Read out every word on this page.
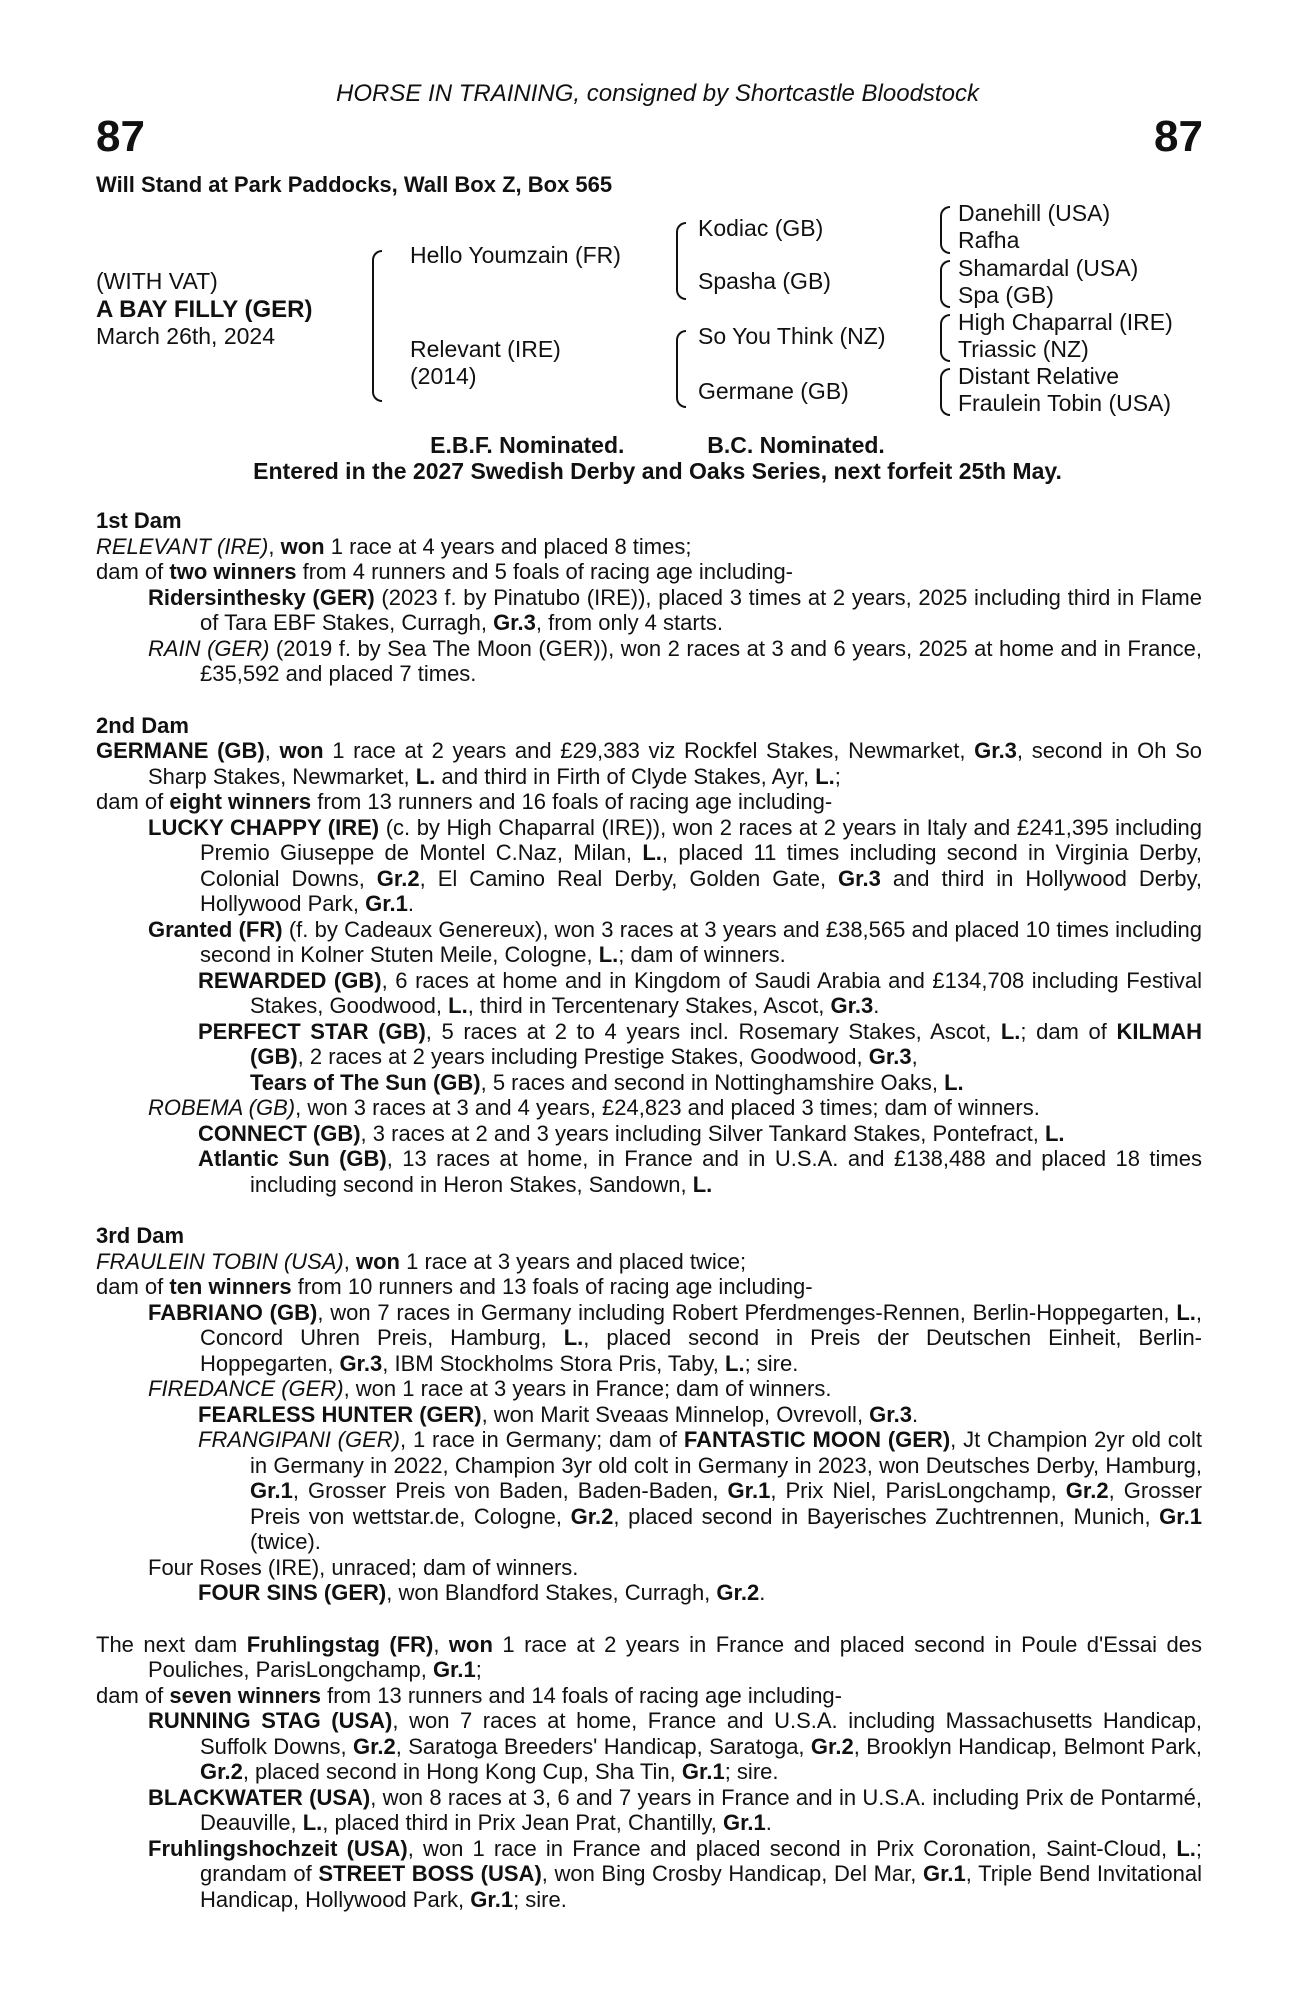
HORSE IN TRAINING, consigned by Shortcastle Bloodstock
87	87
Will Stand at Park Paddocks, Wall Box Z, Box 565
(WITH VAT)
A BAY FILLY (GER)
March 26th, 2024
Hello Youmzain (FR)
Relevant (IRE)
(2014)
Kodiac (GB)
Spasha (GB)
So You Think (NZ)
Germane (GB)
Danehill (USA)
Rafha
Shamardal (USA)
Spa (GB)
High Chaparral (IRE)
Triassic (NZ)
Distant Relative
Fraulein Tobin (USA)
E.B.F. Nominated.	B.C. Nominated.
Entered in the 2027 Swedish Derby and Oaks Series, next forfeit 25th May.

1st Dam

RELEVANT (IRE), won 1 race at 4 years and placed 8 times;

dam of two winners from 4 runners and 5 foals of racing age including-

Ridersinthesky (GER) (2023 f. by Pinatubo (IRE)), placed 3 times at 2 years, 2025 including third in Flame of Tara EBF Stakes, Curragh, Gr.3, from only 4 starts.

RAIN (GER) (2019 f. by Sea The Moon (GER)), won 2 races at 3 and 6 years, 2025 at home and in France, £35,592 and placed 7 times.

2nd Dam

GERMANE (GB), won 1 race at 2 years and £29,383 viz Rockfel Stakes, Newmarket, Gr.3, second in Oh So Sharp Stakes, Newmarket, L. and third in Firth of Clyde Stakes, Ayr, L.;

dam of eight winners from 13 runners and 16 foals of racing age including-

LUCKY CHAPPY (IRE) (c. by High Chaparral (IRE)), won 2 races at 2 years in Italy and £241,395 including Premio Giuseppe de Montel C.Naz, Milan, L., placed 11 times including second in Virginia Derby, Colonial Downs, Gr.2, El Camino Real Derby, Golden Gate, Gr.3 and third in Hollywood Derby, Hollywood Park, Gr.1.

Granted (FR) (f. by Cadeaux Genereux), won 3 races at 3 years and £38,565 and placed 10 times including second in Kolner Stuten Meile, Cologne, L.; dam of winners.

REWARDED (GB), 6 races at home and in Kingdom of Saudi Arabia and £134,708 including Festival Stakes, Goodwood, L., third in Tercentenary Stakes, Ascot, Gr.3.

PERFECT STAR (GB), 5 races at 2 to 4 years incl. Rosemary Stakes, Ascot, L.; dam of KILMAH (GB), 2 races at 2 years including Prestige Stakes, Goodwood, Gr.3,

Tears of The Sun (GB), 5 races and second in Nottinghamshire Oaks, L.

ROBEMA (GB), won 3 races at 3 and 4 years, £24,823 and placed 3 times; dam of winners.

CONNECT (GB), 3 races at 2 and 3 years including Silver Tankard Stakes, Pontefract, L.

Atlantic Sun (GB), 13 races at home, in France and in U.S.A. and £138,488 and placed 18 times including second in Heron Stakes, Sandown, L.

3rd Dam

FRAULEIN TOBIN (USA), won 1 race at 3 years and placed twice;

dam of ten winners from 10 runners and 13 foals of racing age including-

FABRIANO (GB), won 7 races in Germany including Robert Pferdmenges-Rennen, Berlin-Hoppegarten, L., Concord Uhren Preis, Hamburg, L., placed second in Preis der Deutschen Einheit, Berlin-Hoppegarten, Gr.3, IBM Stockholms Stora Pris, Taby, L.; sire.

FIREDANCE (GER), won 1 race at 3 years in France; dam of winners.

FEARLESS HUNTER (GER), won Marit Sveaas Minnelop, Ovrevoll, Gr.3.

FRANGIPANI (GER), 1 race in Germany; dam of FANTASTIC MOON (GER), Jt Champion 2yr old colt in Germany in 2022, Champion 3yr old colt in Germany in 2023, won Deutsches Derby, Hamburg, Gr.1, Grosser Preis von Baden, Baden-Baden, Gr.1, Prix Niel, ParisLongchamp, Gr.2, Grosser Preis von wettstar.de, Cologne, Gr.2, placed second in Bayerisches Zuchtrennen, Munich, Gr.1 (twice).

Four Roses (IRE), unraced; dam of winners.

FOUR SINS (GER), won Blandford Stakes, Curragh, Gr.2.

The next dam Fruhlingstag (FR), won 1 race at 2 years in France and placed second in Poule d'Essai des Pouliches, ParisLongchamp, Gr.1;

dam of seven winners from 13 runners and 14 foals of racing age including-

RUNNING STAG (USA), won 7 races at home, France and U.S.A. including Massachusetts Handicap, Suffolk Downs, Gr.2, Saratoga Breeders' Handicap, Saratoga, Gr.2, Brooklyn Handicap, Belmont Park, Gr.2, placed second in Hong Kong Cup, Sha Tin, Gr.1; sire.

BLACKWATER (USA), won 8 races at 3, 6 and 7 years in France and in U.S.A. including Prix de Pontarmé, Deauville, L., placed third in Prix Jean Prat, Chantilly, Gr.1.

Fruhlingshochzeit (USA), won 1 race in France and placed second in Prix Coronation, Saint-Cloud, L.; grandam of STREET BOSS (USA), won Bing Crosby Handicap, Del Mar, Gr.1, Triple Bend Invitational Handicap, Hollywood Park, Gr.1; sire.
